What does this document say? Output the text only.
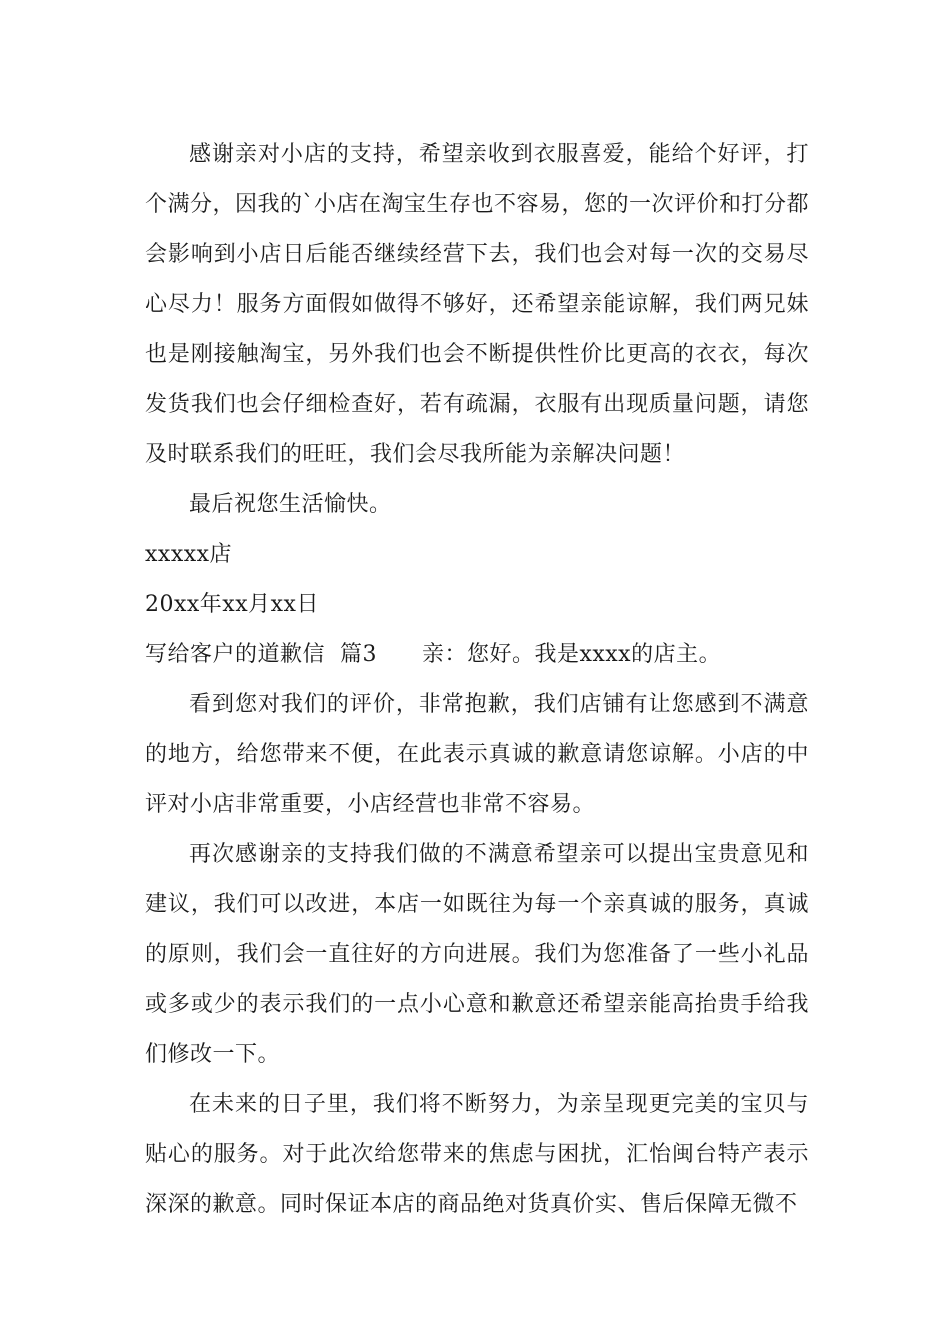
感谢亲对小店的支持，希望亲收到衣服喜爱，能给个好评，打个满分，因我的`小店在淘宝生存也不容易，您的一次评价和打分都会影响到小店日后能否继续经营下去，我们也会对每一次的交易尽心尽力！服务方面假如做得不够好，还希望亲能谅解，我们两兄妹也是刚接触淘宝，另外我们也会不断提供性价比更高的衣衣，每次发货我们也会仔细检查好，若有疏漏，衣服有出现质量问题，请您及时联系我们的旺旺，我们会尽我所能为亲解决问题！

最后祝您生活愉快。

xxxxx店

20xx年xx月xx日

写给客户的道歉信  篇3      亲：您好。我是xxxx的店主。

看到您对我们的评价，非常抱歉，我们店铺有让您感到不满意的地方，给您带来不便，在此表示真诚的歉意请您谅解。小店的中评对小店非常重要，小店经营也非常不容易。

再次感谢亲的支持我们做的不满意希望亲可以提出宝贵意见和建议，我们可以改进，本店一如既往为每一个亲真诚的服务，真诚的原则，我们会一直往好的方向进展。我们为您准备了一些小礼品或多或少的表示我们的一点小心意和歉意还希望亲能高抬贵手给我们修改一下。

在未来的日子里，我们将不断努力，为亲呈现更完美的宝贝与贴心的服务。对于此次给您带来的焦虑与困扰，汇怡闽台特产表示深深的歉意。同时保证本店的商品绝对货真价实、售后保障无微不
